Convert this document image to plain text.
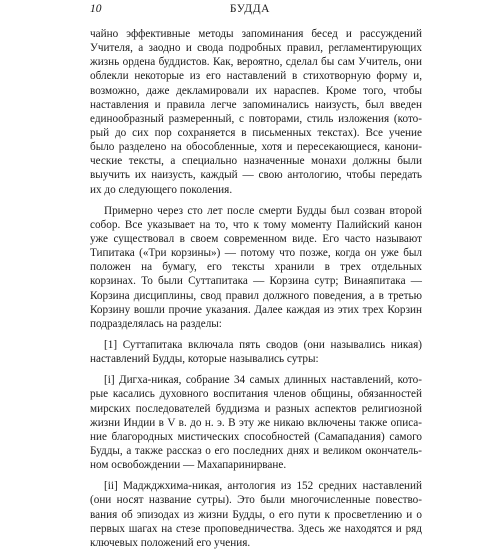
10	БУДДА
чайно эффективные методы запоминания бесед и рассуждений
Учителя, а заодно и свода подробных правил, регламентирующих
жизнь ордена буддистов. Как, вероятно, сделал бы сам Учитель, они
облекли некоторые из его наставлений в стихотворную форму и,
возможно, даже декламировали их нараспев. Кроме того, чтобы
наставления и правила легче запоминались наизусть, был введен
единообразный размеренный, с повторами, стиль изложения (кото-
рый до сих пор сохраняется в письменных текстах). Все учение
было разделено на обособленные, хотя и пересекающиеся, канони-
ческие тексты, а специально назначенные монахи должны были
выучить их наизусть, каждый — свою антологию, чтобы передать
их до следующего поколения.
Примерно через сто лет после смерти Будды был созван второй
собор. Все указывает на то, что к тому моменту Палийский канон
уже существовал в своем современном виде. Его часто называют
Типитака («Три корзины») — потому что позже, когда он уже был
положен на бумагу, его тексты хранили в трех отдельных
корзинах. То были Суттапитака — Корзина сутр; Винаяпитака —
Корзина дисциплины, свод правил должного поведения, а в третью
Корзину вошли прочие указания. Далее каждая из этих трех Корзин
подразделялась на разделы:
[1] Суттапитака включала пять сводов (они назывались никая)
наставлений Будды, которые назывались сутры:
[i] Дигха-никая, собрание 34 самых длинных наставлений, кото-
рые касались духовного воспитания членов общины, обязанностей
мирских последователей буддизма и разных аспектов религиозной
жизни Индии в V в. до н. э. В эту же никаю включены также описа-
ние благородных мистических способностей (Самападания) самого
Будды, а также рассказ о его последних днях и великом окончатель-
ном освобождении — Махапаринирване.
[ii] Маджджхима-никая, антология из 152 средних наставлений
(они носят название сутры). Это были многочисленные повество-
вания об эпизодах из жизни Будды, о его пути к просветлению и о
первых шагах на стезе проповедничества. Здесь же находятся и ряд
ключевых положений его учения.
